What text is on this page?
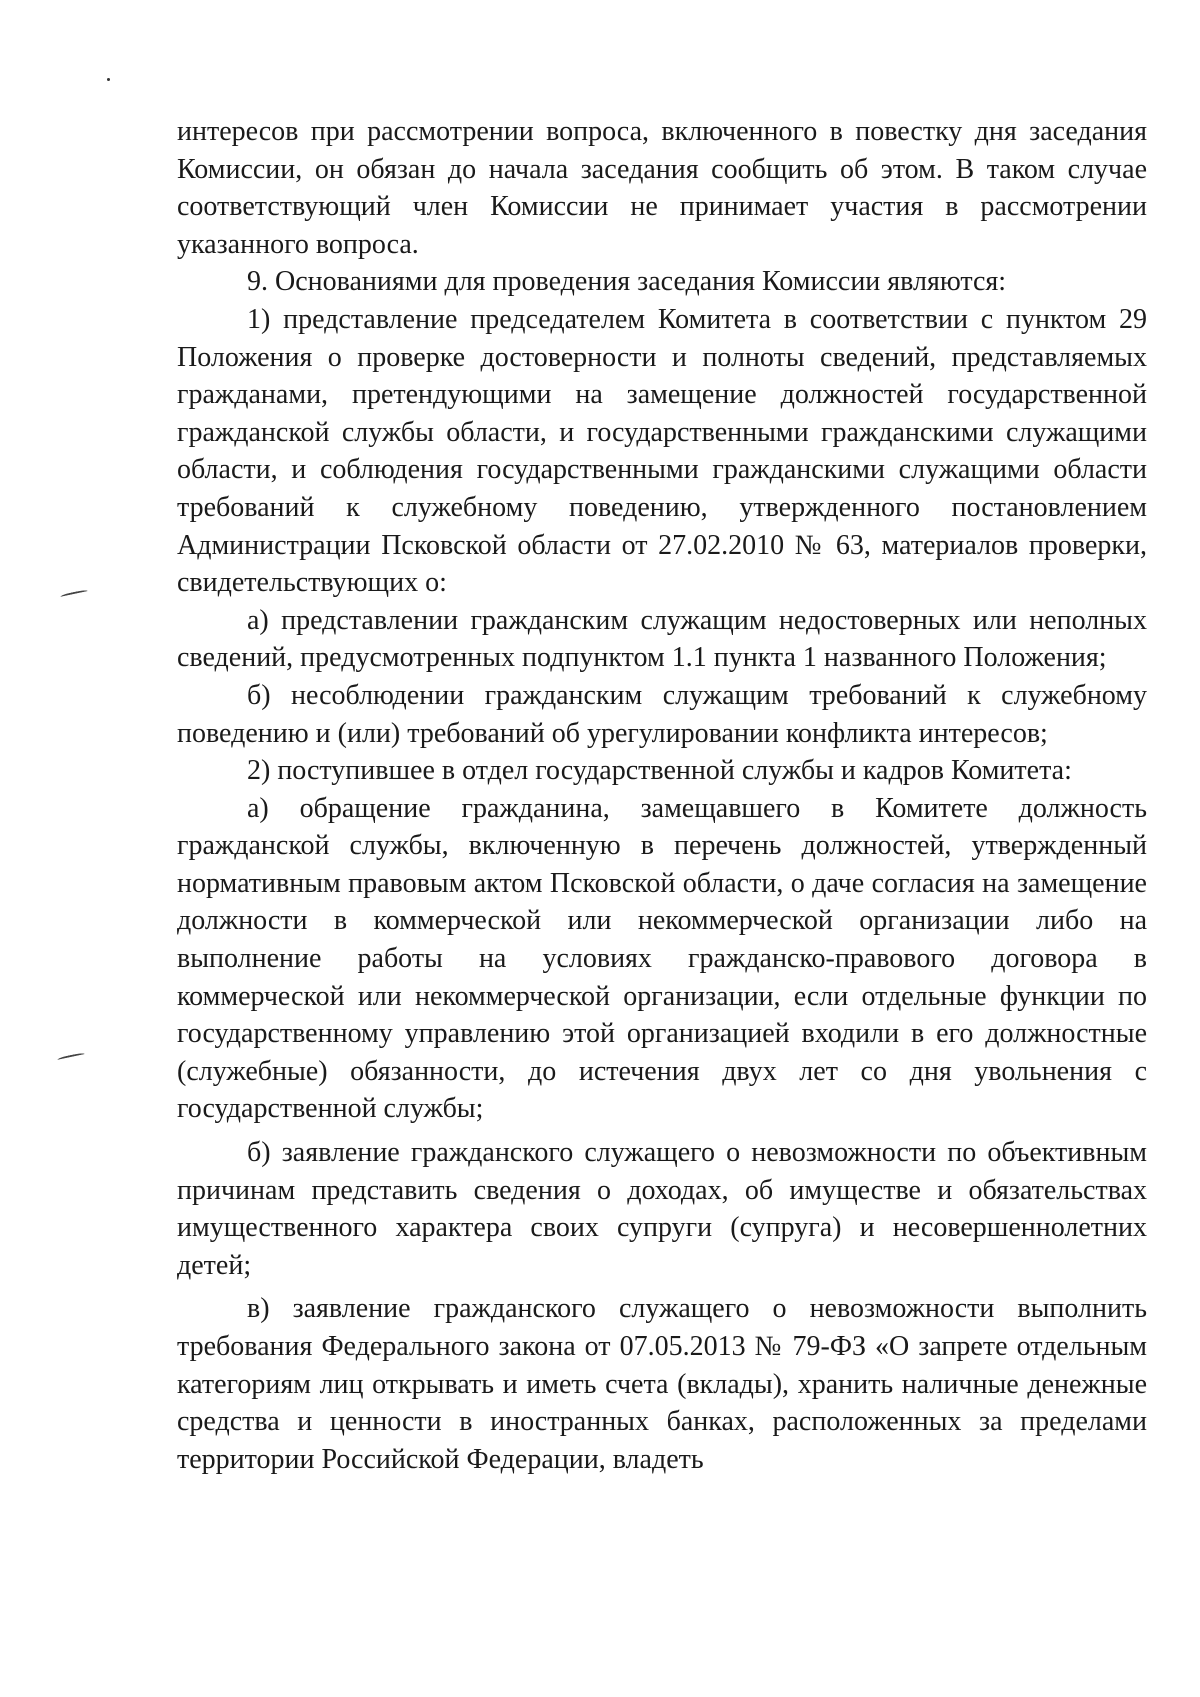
интересов при рассмотрении вопроса, включенного в повестку дня заседания Комиссии, он обязан до начала заседания сообщить об этом. В таком случае соответствующий член Комиссии не принимает участия в рассмотрении указанного вопроса.

9. Основаниями для проведения заседания Комиссии являются:

1) представление председателем Комитета в соответствии с пунктом 29 Положения о проверке достоверности и полноты сведений, представляемых гражданами, претендующими на замещение должностей государственной гражданской службы области, и государственными гражданскими служащими области, и соблюдения государственными гражданскими служащими области требований к служебному поведению, утвержденного постановлением Администрации Псковской области от 27.02.2010 № 63, материалов проверки, свидетельствующих о:

а) представлении гражданским служащим недостоверных или неполных сведений, предусмотренных подпунктом 1.1 пункта 1 названного Положения;

б) несоблюдении гражданским служащим требований к служебному поведению и (или) требований об урегулировании конфликта интересов;

2) поступившее в отдел государственной службы и кадров Комитета:

а) обращение гражданина, замещавшего в Комитете должность гражданской службы, включенную в перечень должностей, утвержденный нормативным правовым актом Псковской области, о даче согласия на замещение должности в коммерческой или некоммерческой организации либо на выполнение работы на условиях гражданско-правового договора в коммерческой или некоммерческой организации, если отдельные функции по государственному управлению этой организацией входили в его должностные (служебные) обязанности, до истечения двух лет со дня увольнения с государственной службы;

б) заявление гражданского служащего о невозможности по объективным причинам представить сведения о доходах, об имуществе и обязательствах имущественного характера своих супруги (супруга) и несовершеннолетних детей;

в) заявление гражданского служащего о невозможности выполнить требования Федерального закона от 07.05.2013 № 79-ФЗ «О запрете отдельным категориям лиц открывать и иметь счета (вклады), хранить наличные денежные средства и ценности в иностранных банках, расположенных за пределами территории Российской Федерации, владеть
